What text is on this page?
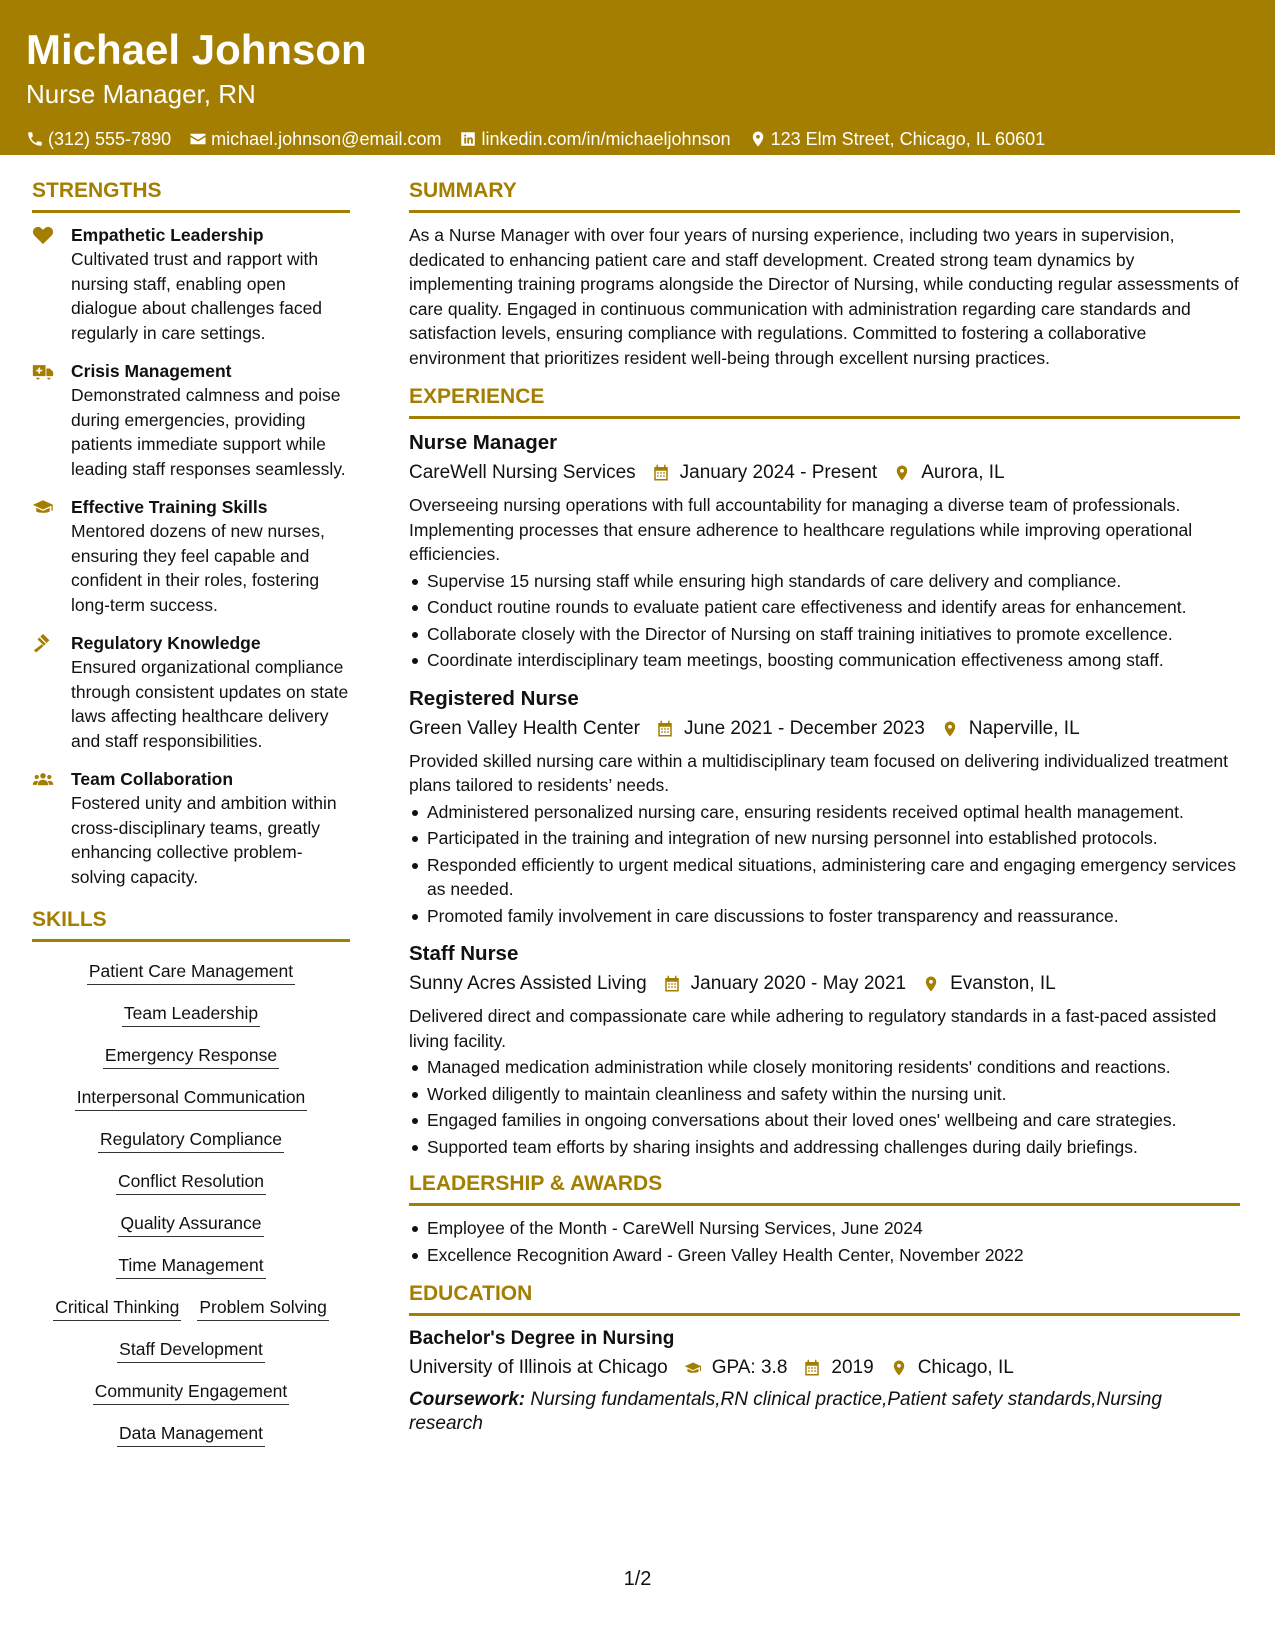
Michael Johnson
Nurse Manager, RN
(312) 555-7890 michael.johnson@email.com linkedin.com/in/michaeljohnson 123 Elm Street, Chicago, IL 60601
STRENGTHS
Empathetic Leadership
Cultivated trust and rapport with nursing staff, enabling open dialogue about challenges faced regularly in care settings.
Crisis Management
Demonstrated calmness and poise during emergencies, providing patients immediate support while leading staff responses seamlessly.
Effective Training Skills
Mentored dozens of new nurses, ensuring they feel capable and confident in their roles, fostering long-term success.
Regulatory Knowledge
Ensured organizational compliance through consistent updates on state laws affecting healthcare delivery and staff responsibilities.
Team Collaboration
Fostered unity and ambition within cross-disciplinary teams, greatly enhancing collective problem-solving capacity.
SKILLS
Patient Care Management
Team Leadership
Emergency Response
Interpersonal Communication
Regulatory Compliance
Conflict Resolution
Quality Assurance
Time Management
Critical Thinking Problem Solving
Staff Development
Community Engagement
Data Management
SUMMARY
As a Nurse Manager with over four years of nursing experience, including two years in supervision, dedicated to enhancing patient care and staff development. Created strong team dynamics by implementing training programs alongside the Director of Nursing, while conducting regular assessments of care quality. Engaged in continuous communication with administration regarding care standards and satisfaction levels, ensuring compliance with regulations. Committed to fostering a collaborative environment that prioritizes resident well-being through excellent nursing practices.
EXPERIENCE
Nurse Manager
CareWell Nursing Services January 2024 - Present Aurora, IL
Overseeing nursing operations with full accountability for managing a diverse team of professionals. Implementing processes that ensure adherence to healthcare regulations while improving operational efficiencies.
Supervise 15 nursing staff while ensuring high standards of care delivery and compliance.
Conduct routine rounds to evaluate patient care effectiveness and identify areas for enhancement.
Collaborate closely with the Director of Nursing on staff training initiatives to promote excellence.
Coordinate interdisciplinary team meetings, boosting communication effectiveness among staff.
Registered Nurse
Green Valley Health Center June 2021 - December 2023 Naperville, IL
Provided skilled nursing care within a multidisciplinary team focused on delivering individualized treatment plans tailored to residents’ needs.
Administered personalized nursing care, ensuring residents received optimal health management.
Participated in the training and integration of new nursing personnel into established protocols.
Responded efficiently to urgent medical situations, administering care and engaging emergency services as needed.
Promoted family involvement in care discussions to foster transparency and reassurance.
Staff Nurse
Sunny Acres Assisted Living January 2020 - May 2021 Evanston, IL
Delivered direct and compassionate care while adhering to regulatory standards in a fast-paced assisted living facility.
Managed medication administration while closely monitoring residents' conditions and reactions.
Worked diligently to maintain cleanliness and safety within the nursing unit.
Engaged families in ongoing conversations about their loved ones' wellbeing and care strategies.
Supported team efforts by sharing insights and addressing challenges during daily briefings.
LEADERSHIP & AWARDS
Employee of the Month - CareWell Nursing Services, June 2024
Excellence Recognition Award - Green Valley Health Center, November 2022
EDUCATION
Bachelor's Degree in Nursing
University of Illinois at Chicago GPA: 3.8 2019 Chicago, IL
Coursework: Nursing fundamentals,RN clinical practice,Patient safety standards,Nursing research
1/2
